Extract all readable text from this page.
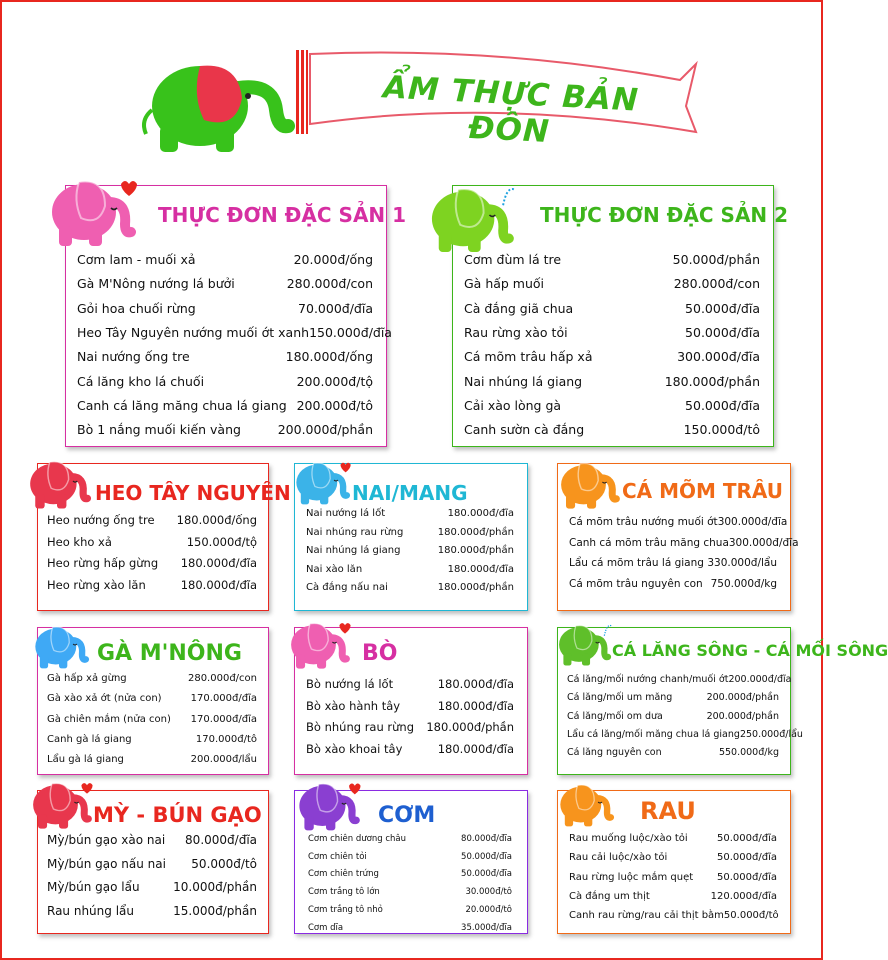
ẨM THỰC BẢN ĐÔN
THỰC ĐƠN ĐẶC SẢN 1
Cơm lam - muối xả	20.000đ/ống
Gà M'Nông nướng lá bưởi	280.000đ/con
Gỏi hoa chuối rừng	70.000đ/đĩa
Heo Tây Nguyên nướng muối ớt xanh 150.000đ/đĩa
Nai nướng ống tre	180.000đ/ống
Cá lăng kho lá chuối	200.000đ/tộ
Canh cá lăng măng chua lá giang 200.000đ/tô
Bò 1 nắng muối kiến vàng	200.000đ/phần
THỰC ĐƠN ĐẶC SẢN 2
Cơm đùm lá tre	50.000đ/phần
Gà hấp muối	280.000đ/con
Cà đắng giã chua	50.000đ/đĩa
Rau rừng xào tỏi	50.000đ/đĩa
Cá mõm trâu hấp xả	300.000đ/đĩa
Nai nhúng lá giang	180.000đ/phần
Cải xào lòng gà	50.000đ/đĩa
Canh sườn cà đắng	150.000đ/tô
HEO TÂY NGUYÊN
Heo nướng ống tre 180.000đ/ống
Heo kho xả	150.000đ/tộ
Heo rừng hấp gừng 180.000đ/đĩa
Heo rừng xào lăn	180.000đ/đĩa
NAI/MANG
Nai nướng lá lốt	180.000đ/đĩa
Nai nhúng rau rừng	180.000đ/phần
Nai nhúng lá giang	180.000đ/phần
Nai xào lăn	180.000đ/đĩa
Cà đắng nấu nai	180.000đ/phần
CÁ MÕM TRÂU
Cá mõm trâu nướng muối ớt 300.000đ/đĩa
Canh cá mõm trâu măng chua 300.000đ/đĩa
Lẩu cá mõm trâu lá giang 330.000đ/lẩu
Cá mõm trâu nguyên con 750.000đ/kg
GÀ M'NÔNG
Gà hấp xả gừng	280.000đ/con
Gà xào xả ớt (nửa con)	170.000đ/đĩa
Gà chiên mắm (nửa con) 170.000đ/đĩa
Canh gà lá giang	170.000đ/tô
Lẩu gà lá giang	200.000đ/lẩu
BÒ
Bò nướng lá lốt	180.000đ/đĩa
Bò xào hành tây	180.000đ/đĩa
Bò nhúng rau rừng 180.000đ/phần
Bò xào khoai tây	180.000đ/đĩa
CÁ LĂNG SÔNG - CÁ MỐI SÔNG
Cá lăng/mối nướng chanh/muối ớt 200.000đ/đĩa
Cá lăng/mối um măng	200.000đ/phần
Cá lăng/mối om dưa	200.000đ/phần
Lẩu cá lăng/mối măng chua lá giang 250.000đ/lẩu
Cá lăng nguyên con	550.000đ/kg
MỲ - BÚN GẠO
Mỳ/bún gạo xào nai 80.000đ/đĩa
Mỳ/bún gạo nấu nai 50.000đ/tô
Mỳ/bún gạo lẩu	10.000đ/phần
Rau nhúng lẩu	15.000đ/phần
CƠM
Cơm chiên dương châu	80.000đ/đĩa
Cơm chiên tỏi	50.000đ/đĩa
Cơm chiên trứng	50.000đ/đĩa
Cơm trắng tô lớn	30.000đ/tô
Cơm trắng tô nhỏ	20.000đ/tô
Cơm dĩa	35.000đ/đĩa
RAU
Rau muống luộc/xào tỏi	50.000đ/đĩa
Rau cải luộc/xào tỏi	50.000đ/đĩa
Rau rừng luộc mắm quẹt 50.000đ/đĩa
Cà đắng um thịt	120.000đ/đĩa
Canh rau rừng/rau cải thịt bằm 50.000đ/tô
